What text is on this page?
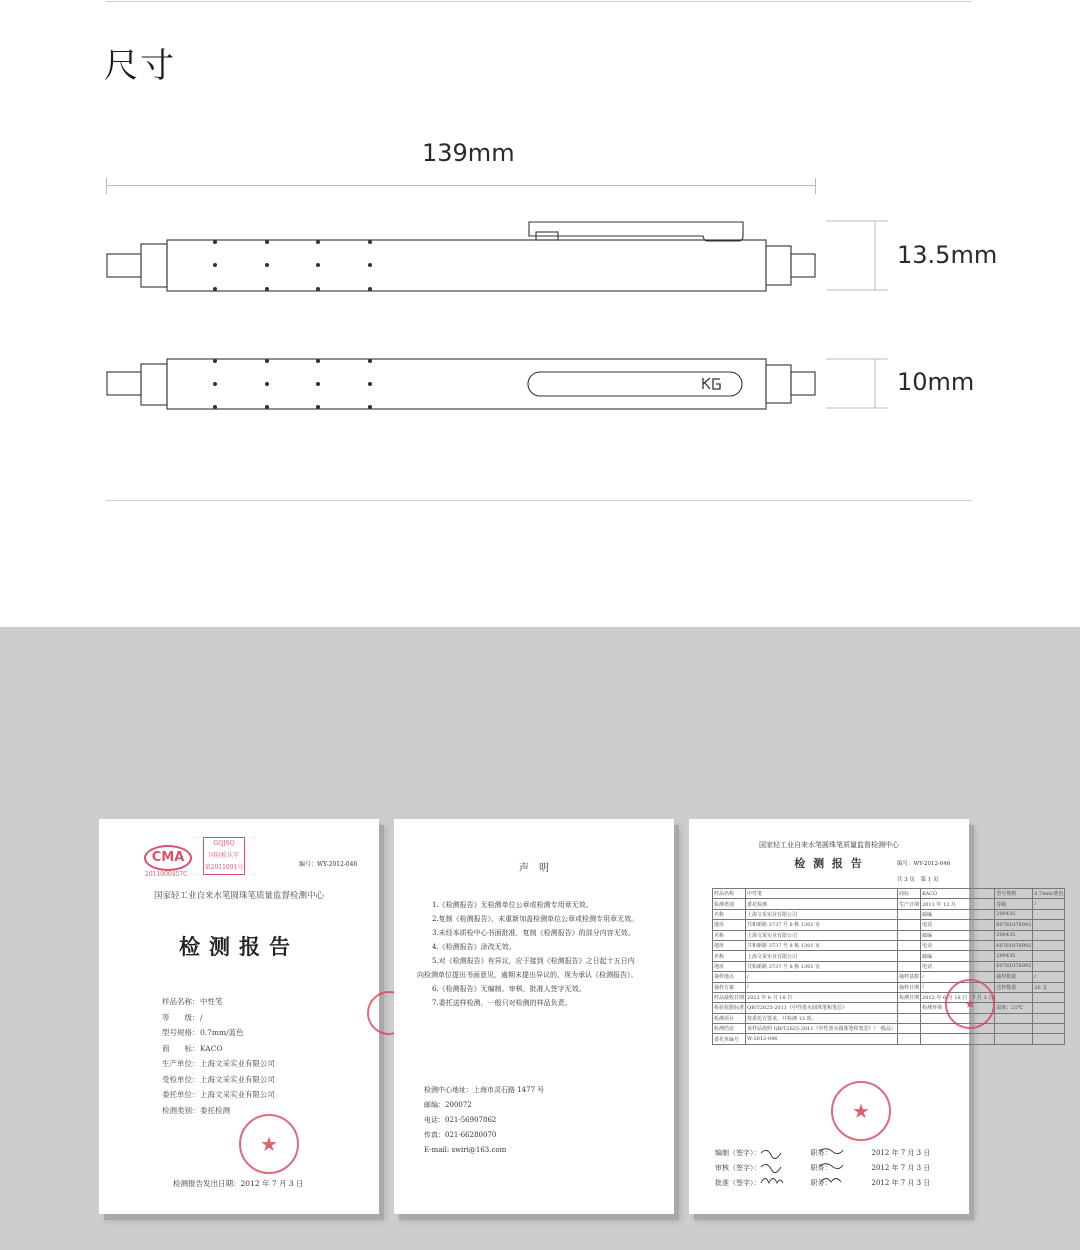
尺寸
139mm
13.5mm
10mm
CMA
2011000457C
GQJSQ
国轻检认字
第2011091号	编号：WY-2012-046
国家轻工业自来水笔圆珠笔质量监督检测中心
检测报告
样品名称：中性笔
等　　级：/
型号规格：0.7mm/蓝色
商　　标：KACO
生产单位：上海文采实业有限公司
受检单位：上海文采实业有限公司
委托单位：上海文采实业有限公司
检测类别：委托检测
★
检测报告发出日期：2012 年 7 月 3 日
声　明
1.《检测报告》无检测单位公章或检测专用章无效。
2.复制《检测报告》，未重新加盖检测单位公章或检测专用章无效。
3.未经本质检中心书面批准，复制《检测报告》的部分内容无效。
4.《检测报告》涂改无效。
5.对《检测报告》有异议，应于接到《检测报告》之日起十五日内
向检测单位提出书面意见，逾期未提出异议的，视为承认《检测报告》。
6.《检测报告》无编制、审核、批准人签字无效。
7.委托送样检测，一般只对检测的样品负责。
检测中心地址：上海市灵石路 1477 号
邮编：200072
电话：021-56907862
传真：021-66280070
E-mail: swiri@163.com
国家轻工业自来水笔圆珠笔质量监督检测中心
检 测 报 告	编号：WY-2012-046
共 3 页　第 1 页
样品名称	中性笔	商标	KACO	型号规格	0.7mm/蓝色
检测类别	委托检测	生产日期	2011 年 12 月	等级	/
名称	上海文采实业有限公司		邮编	200435	
地址	共和新路 3737 号 8 栋 1301 室		电话	60761076992	
名称	上海文采实业有限公司		邮编	200435	
地址	共和新路 3737 号 8 栋 1301 室		电话	60761076992	
名称	上海文采实业有限公司		邮编	200435	
地址	共和新路 3737 号 8 栋 1301 室		电话	60761076992	
抽样地点	/	抽样基数	/	抽样数量	/
抽样方案	/	抽样日期	/	送样数量	20 支
样品接收日期	2012 年 6 月 18 日	检测日期	2012 年 6 月 18 日 - 7 月 3 日		
检验依据标准	QB/T2625-2011《中性墨水圆珠笔和笔芯》		检测环境	温度：21℃	
检测项目	按委托方要求，共检测 13 项。				
检测结论	该样品按照 QB/T2625-2011《中性墨水圆珠笔和笔芯》（一般品）				
委托单编号	W-2012-046				
★
★
编制（签字）：	职务：	2012 年 7 月 3 日
审核（签字）：	职务：	2012 年 7 月 3 日
批准（签字）：	职务：	2012 年 7 月 3 日
